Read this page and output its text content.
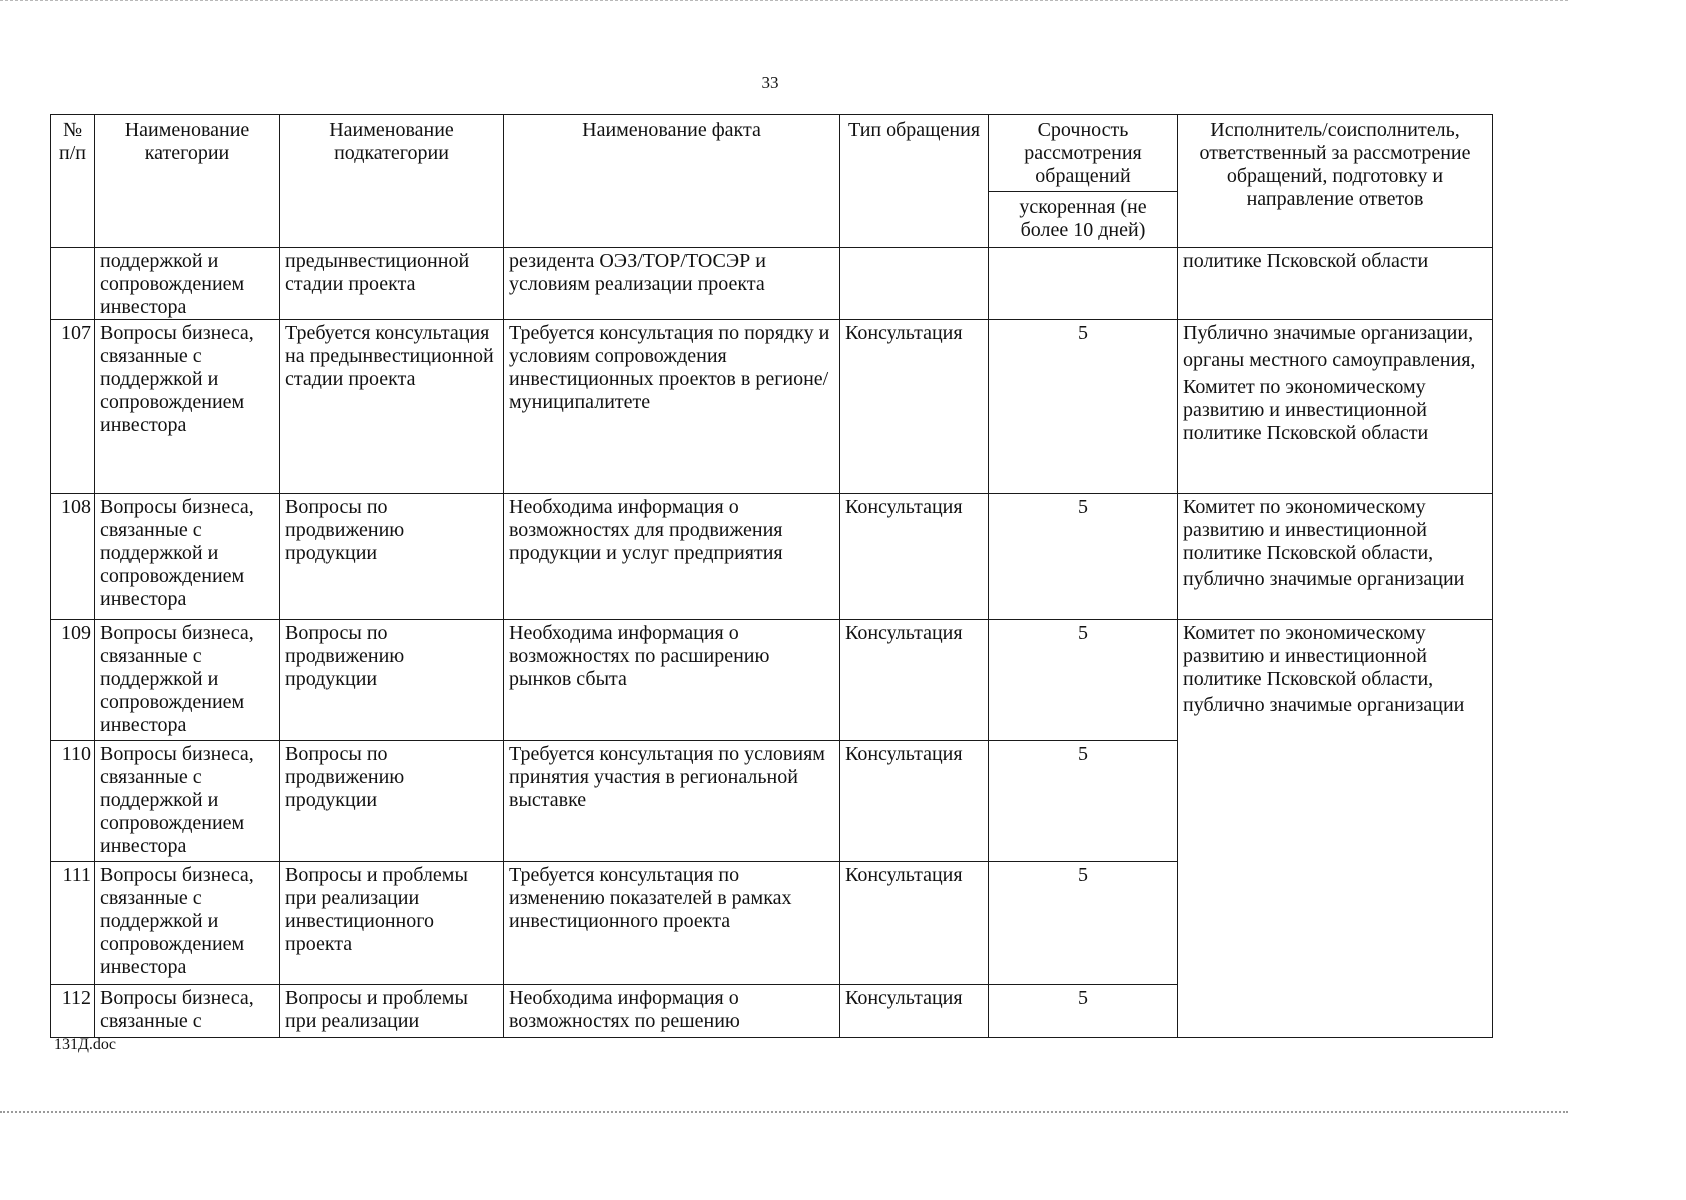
33
№ п/п	Наименование категории	Наименование подкатегории	Наименование факта	Тип обращения	Срочность рассмотрения обращений	Исполнитель/соисполнитель, ответственный за рассмотрение обращений, подготовку и направление ответов
					ускоренная (не более 10 дней)	
	поддержкой и сопровождением инвестора	предынвестиционной стадии проекта	резидента ОЭЗ/ТОР/ТОСЭР и условиям реализации проекта			политике Псковской области
107	Вопросы бизнеса, связанные с поддержкой и сопровождением инвестора	Требуется консультация на предынвестиционной стадии проекта	Требуется консультация по порядку и условиям сопровождения инвестиционных проектов в регионе/муниципалитете	Консультация	5	Публично значимые организации,
органы местного самоуправления,
Комитет по экономическому развитию и инвестиционной политике Псковской области

108	Вопросы бизнеса, связанные с поддержкой и сопровождением инвестора	Вопросы по продвижению продукции	Необходима информация о возможностях для продвижения продукции и услуг предприятия	Консультация	5	Комитет по экономическому развитию и инвестиционной политике Псковской области,
публично значимые организации

109	Вопросы бизнеса, связанные с поддержкой и сопровождением инвестора	Вопросы по продвижению продукции	Необходима информация о возможностях по расширению рынков сбыта	Консультация	5	Комитет по экономическому развитию и инвестиционной политике Псковской области,
публично значимые организации

110	Вопросы бизнеса, связанные с поддержкой и сопровождением инвестора	Вопросы по продвижению продукции	Требуется консультация по условиям принятия участия в региональной выставке	Консультация	5	
111	Вопросы бизнеса, связанные с поддержкой и сопровождением инвестора	Вопросы и проблемы при реализации инвестиционного проекта	Требуется консультация по изменению показателей в рамках инвестиционного проекта	Консультация	5	
112	Вопросы бизнеса, связанные с	Вопросы и проблемы при реализации	Необходима информация о возможностях по решению	Консультация	5	
131Д.doc
